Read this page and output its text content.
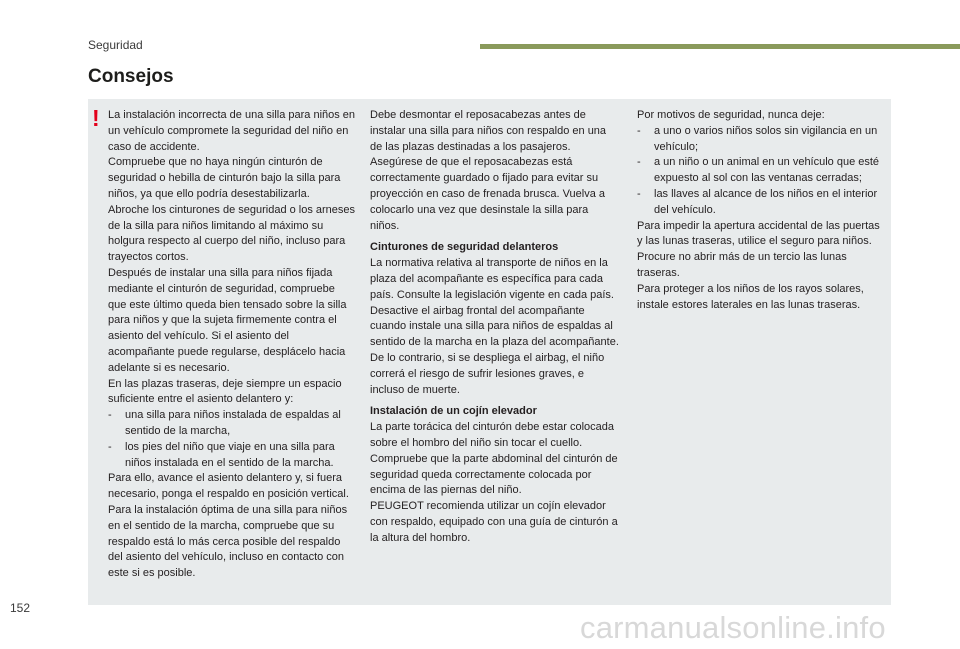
Seguridad
Consejos
! La instalación incorrecta de una silla para niños en un vehículo compromete la seguridad del niño en caso de accidente.
Compruebe que no haya ningún cinturón de seguridad o hebilla de cinturón bajo la silla para niños, ya que ello podría desestabilizarla.
Abroche los cinturones de seguridad o los arneses de la silla para niños limitando al máximo su holgura respecto al cuerpo del niño, incluso para trayectos cortos.
Después de instalar una silla para niños fijada mediante el cinturón de seguridad, compruebe que este último queda bien tensado sobre la silla para niños y que la sujeta firmemente contra el asiento del vehículo. Si el asiento del acompañante puede regularse, desplácelo hacia adelante si es necesario.
En las plazas traseras, deje siempre un espacio suficiente entre el asiento delantero y:
-	una silla para niños instalada de espaldas al sentido de la marcha,
-	los pies del niño que viaje en una silla para niños instalada en el sentido de la marcha.
Para ello, avance el asiento delantero y, si fuera necesario, ponga el respaldo en posición vertical.
Para la instalación óptima de una silla para niños en el sentido de la marcha, compruebe que su respaldo está lo más cerca posible del respaldo del asiento del vehículo, incluso en contacto con este si es posible.
Debe desmontar el reposacabezas antes de instalar una silla para niños con respaldo en una de las plazas destinadas a los pasajeros.
Asegúrese de que el reposacabezas está correctamente guardado o fijado para evitar su proyección en caso de frenada brusca. Vuelva a colocarlo una vez que desinstale la silla para niños.
Cinturones de seguridad delanteros
La normativa relativa al transporte de niños en la plaza del acompañante es específica para cada país. Consulte la legislación vigente en cada país.
Desactive el airbag frontal del acompañante cuando instale una silla para niños de espaldas al sentido de la marcha en la plaza del acompañante.
De lo contrario, si se despliega el airbag, el niño correrá el riesgo de sufrir lesiones graves, e incluso de muerte.
Instalación de un cojín elevador
La parte torácica del cinturón debe estar colocada sobre el hombro del niño sin tocar el cuello.
Compruebe que la parte abdominal del cinturón de seguridad queda correctamente colocada por encima de las piernas del niño.
PEUGEOT recomienda utilizar un cojín elevador con respaldo, equipado con una guía de cinturón a la altura del hombro.
Por motivos de seguridad, nunca deje:
-	a uno o varios niños solos sin vigilancia en un vehículo;
-	a un niño o un animal en un vehículo que esté expuesto al sol con las ventanas cerradas;
-	las llaves al alcance de los niños en el interior del vehículo.
Para impedir la apertura accidental de las puertas y las lunas traseras, utilice el seguro para niños.
Procure no abrir más de un tercio las lunas traseras.
Para proteger a los niños de los rayos solares, instale estores laterales en las lunas traseras.
152
carmanualsonline.info
